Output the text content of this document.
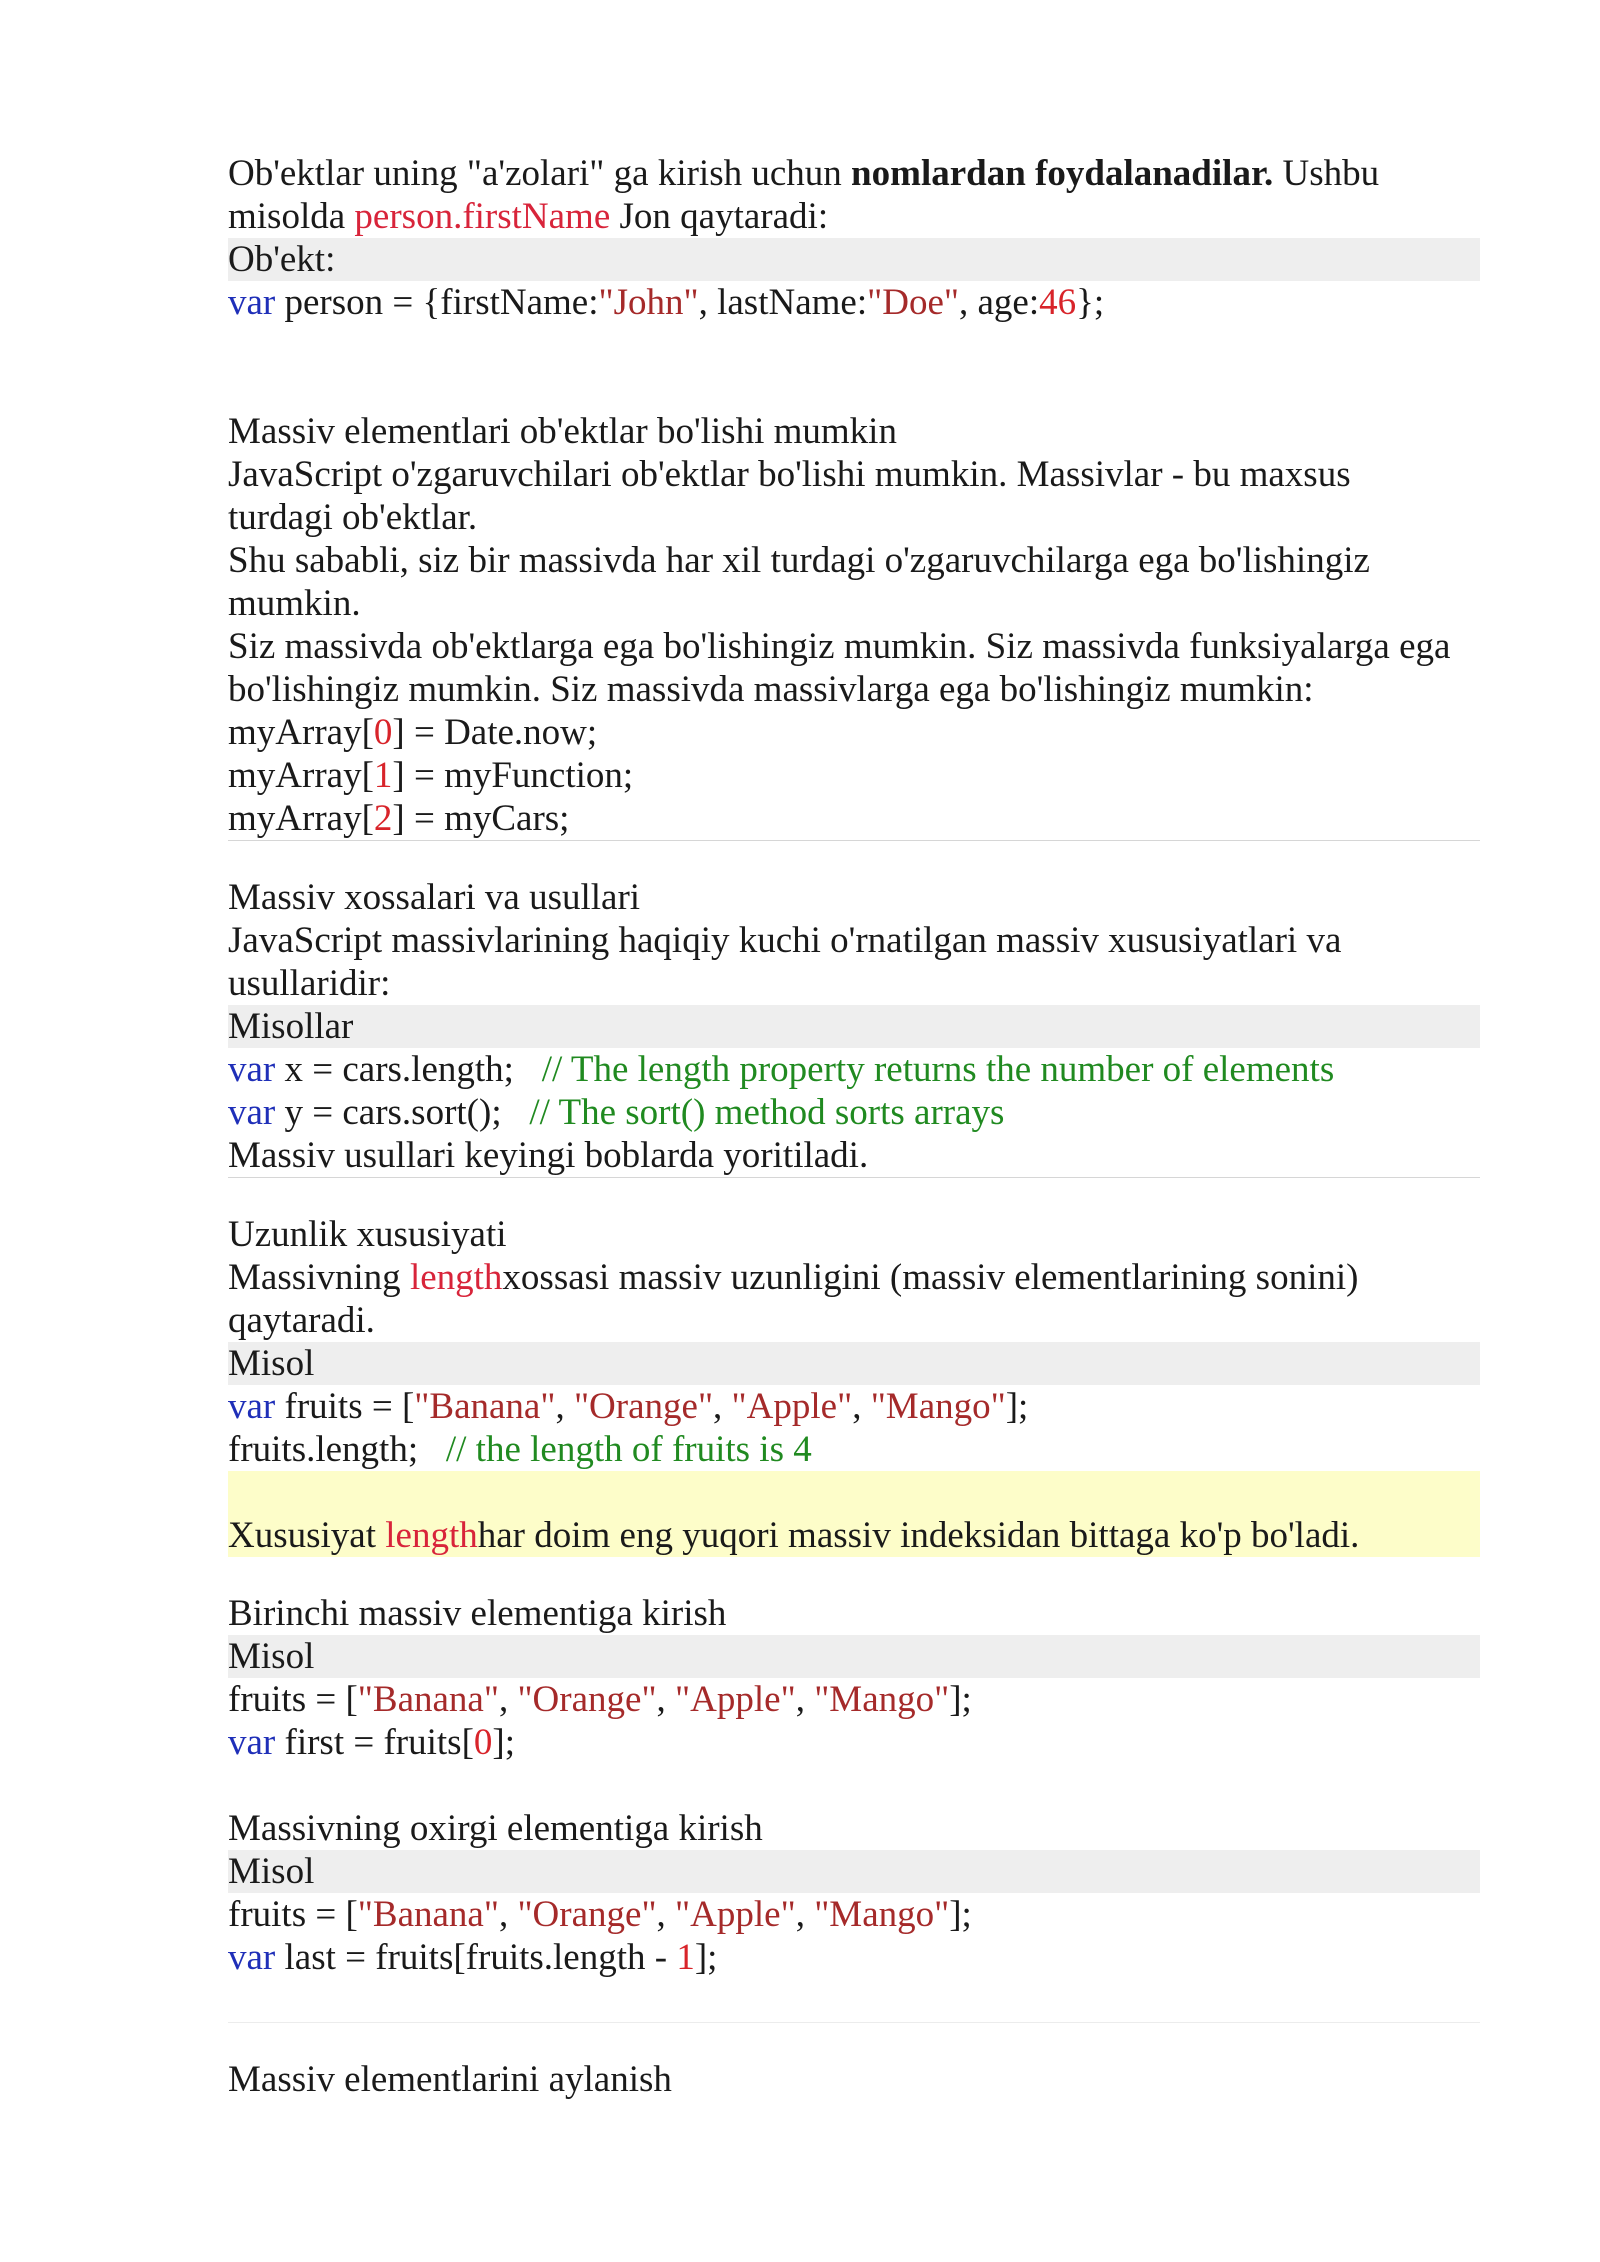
Ob'ektlar uning "a'zolari" ga kirish uchun nomlardan foydalanadilar. Ushbu
misolda person.firstName Jon qaytaradi:
Ob'ekt:
var person = {firstName:"John", lastName:"Doe", age:46};
Massiv elementlari ob'ektlar bo'lishi mumkin
JavaScript o'zgaruvchilari ob'ektlar bo'lishi mumkin. Massivlar - bu maxsus
turdagi ob'ektlar.
Shu sababli, siz bir massivda har xil turdagi o'zgaruvchilarga ega bo'lishingiz
mumkin.
Siz massivda ob'ektlarga ega bo'lishingiz mumkin. Siz massivda funksiyalarga ega
bo'lishingiz mumkin. Siz massivda massivlarga ega bo'lishingiz mumkin:
myArray[0] = Date.now;
myArray[1] = myFunction;
myArray[2] = myCars;
Massiv xossalari va usullari
JavaScript massivlarining haqiqiy kuchi o'rnatilgan massiv xususiyatlari va
usullaridir:
Misollar
var x = cars.length;   // The length property returns the number of elements
var y = cars.sort();   // The sort() method sorts arrays
Massiv usullari keyingi boblarda yoritiladi.
Uzunlik xususiyati
Massivning lengthxossasi massiv uzunligini (massiv elementlarining sonini)
qaytaradi.
Misol
var fruits = ["Banana", "Orange", "Apple", "Mango"];
fruits.length;   // the length of fruits is 4
Xususiyat lengthhar doim eng yuqori massiv indeksidan bittaga ko'p bo'ladi.
Birinchi massiv elementiga kirish
Misol
fruits = ["Banana", "Orange", "Apple", "Mango"];
var first = fruits[0];
Massivning oxirgi elementiga kirish
Misol
fruits = ["Banana", "Orange", "Apple", "Mango"];
var last = fruits[fruits.length - 1];
Massiv elementlarini aylanish
